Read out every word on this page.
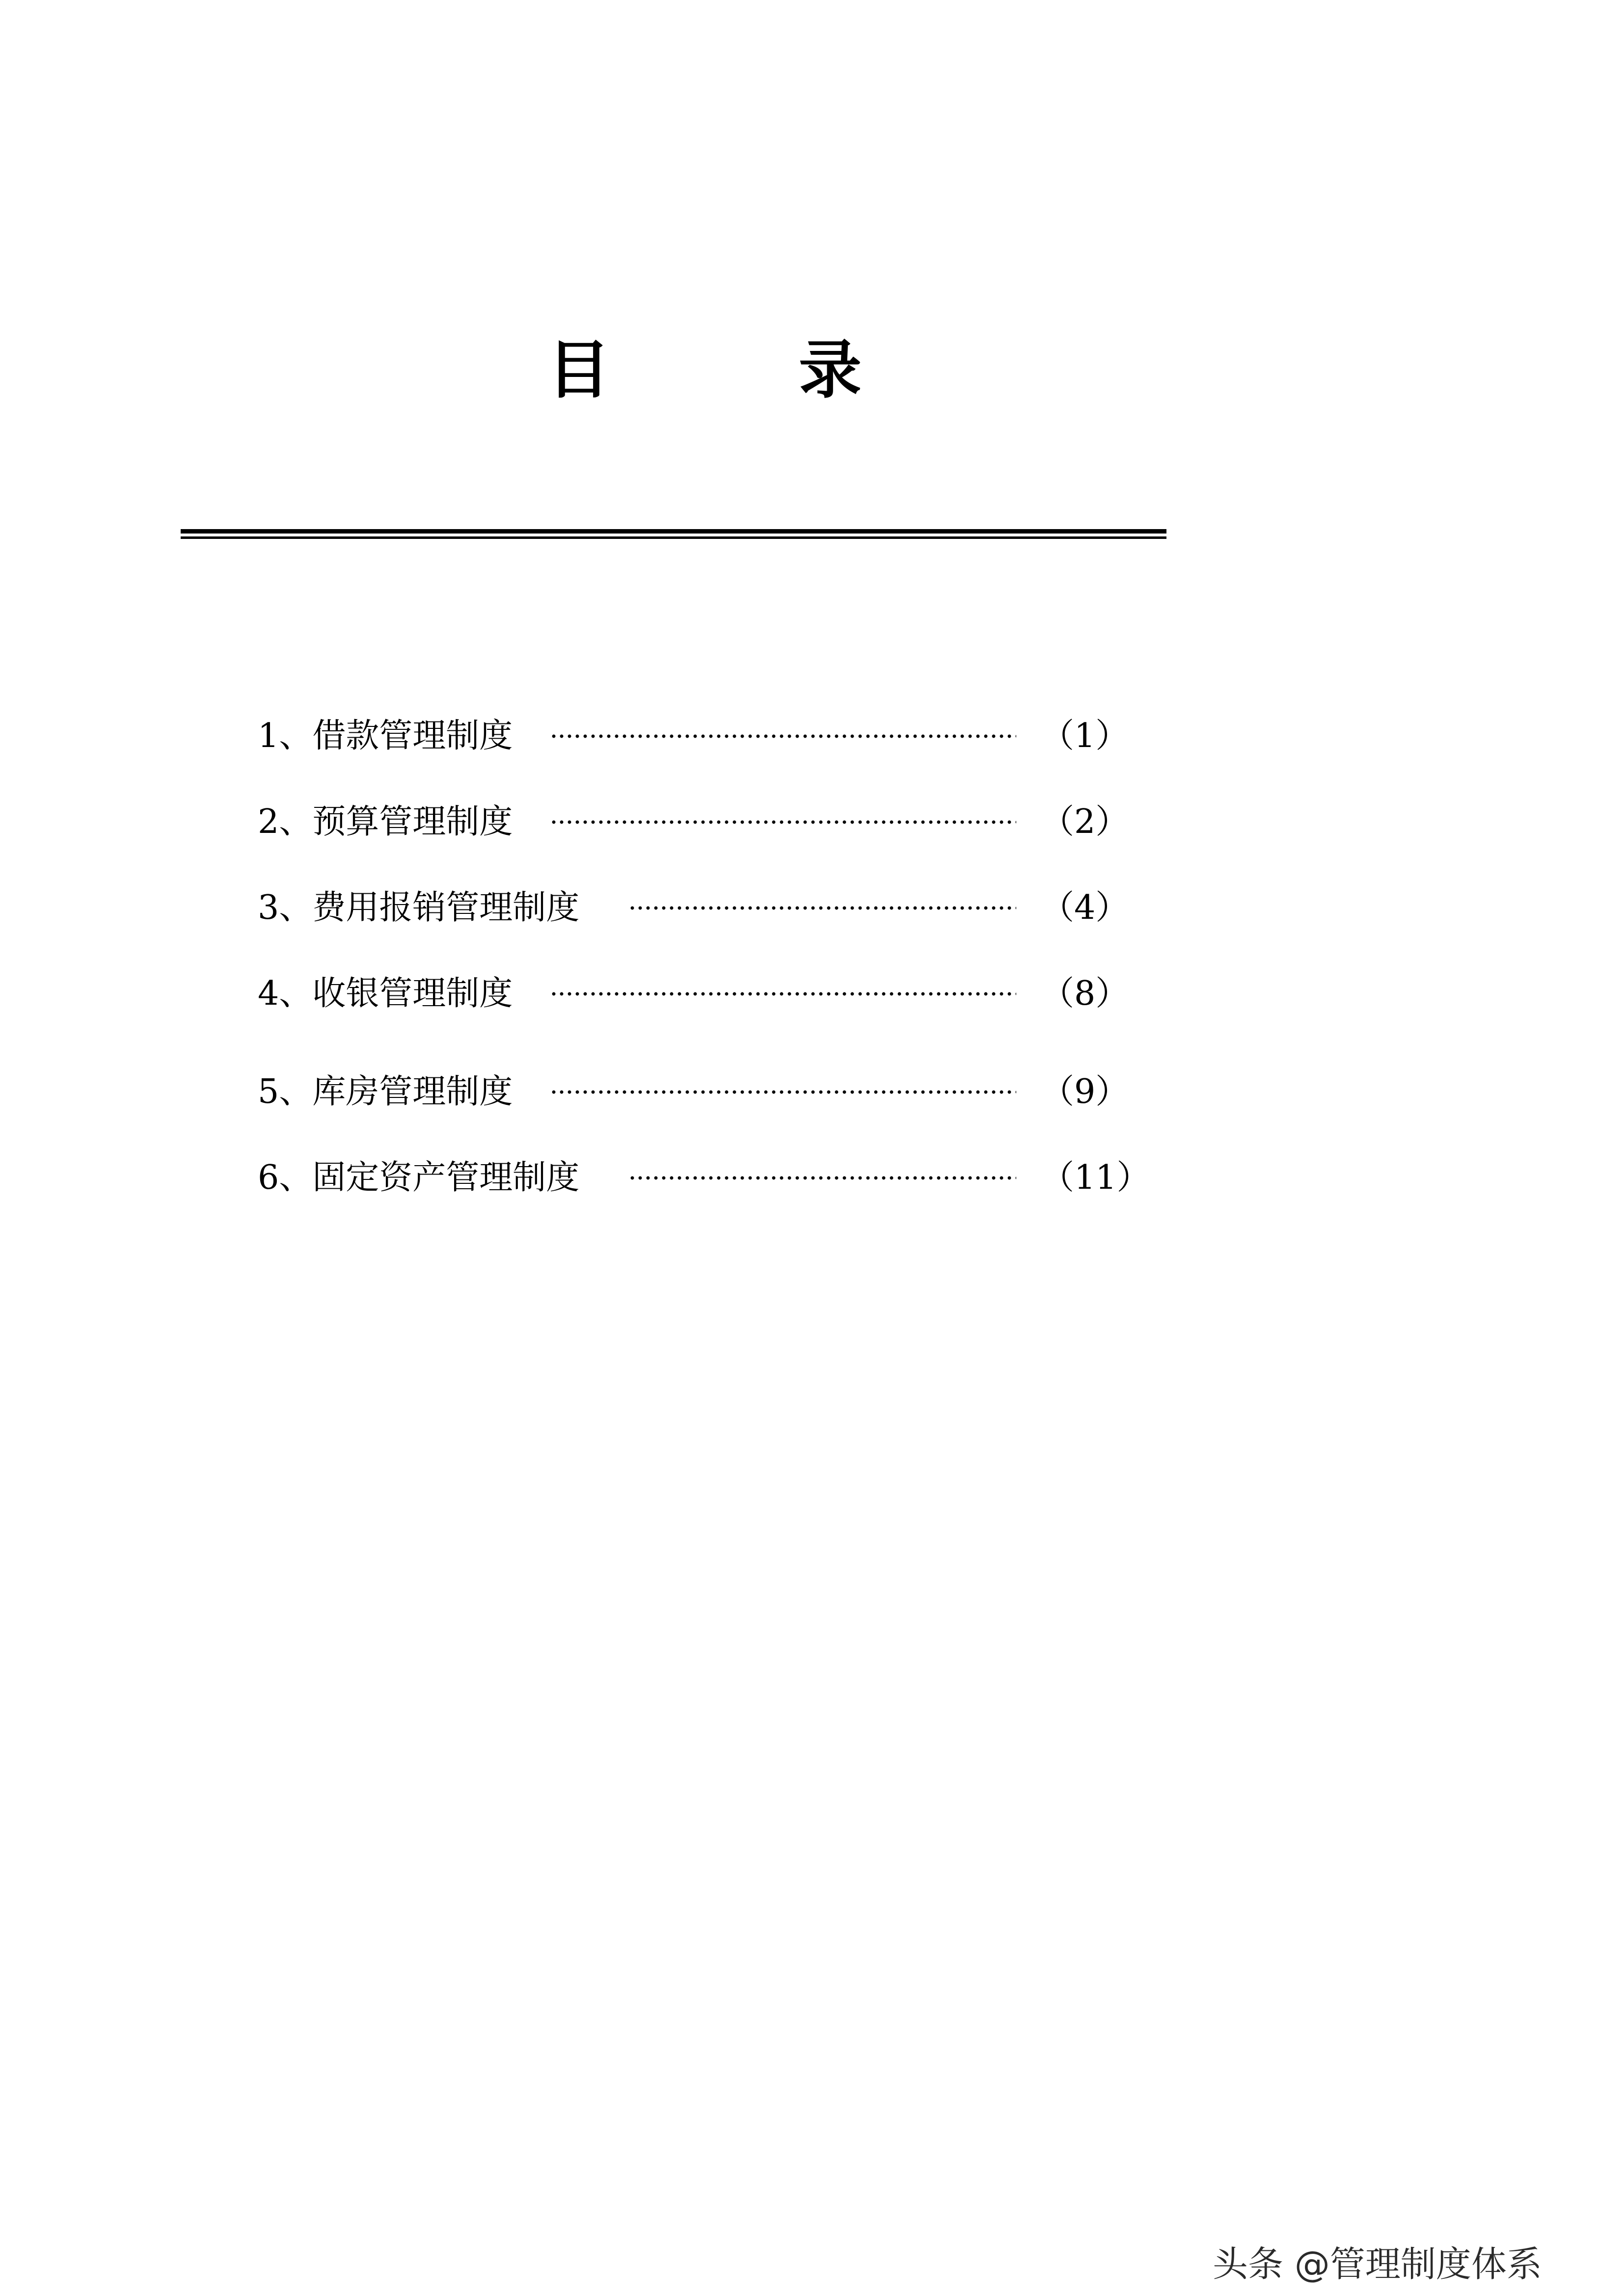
目	录
1、借款管理制度	（1）
2、预算管理制度	（2）
3、费用报销管理制度	（4）
4、收银管理制度	（8）
5、库房管理制度	（9）
6、固定资产管理制度	（11）
头条 @管理制度体系
